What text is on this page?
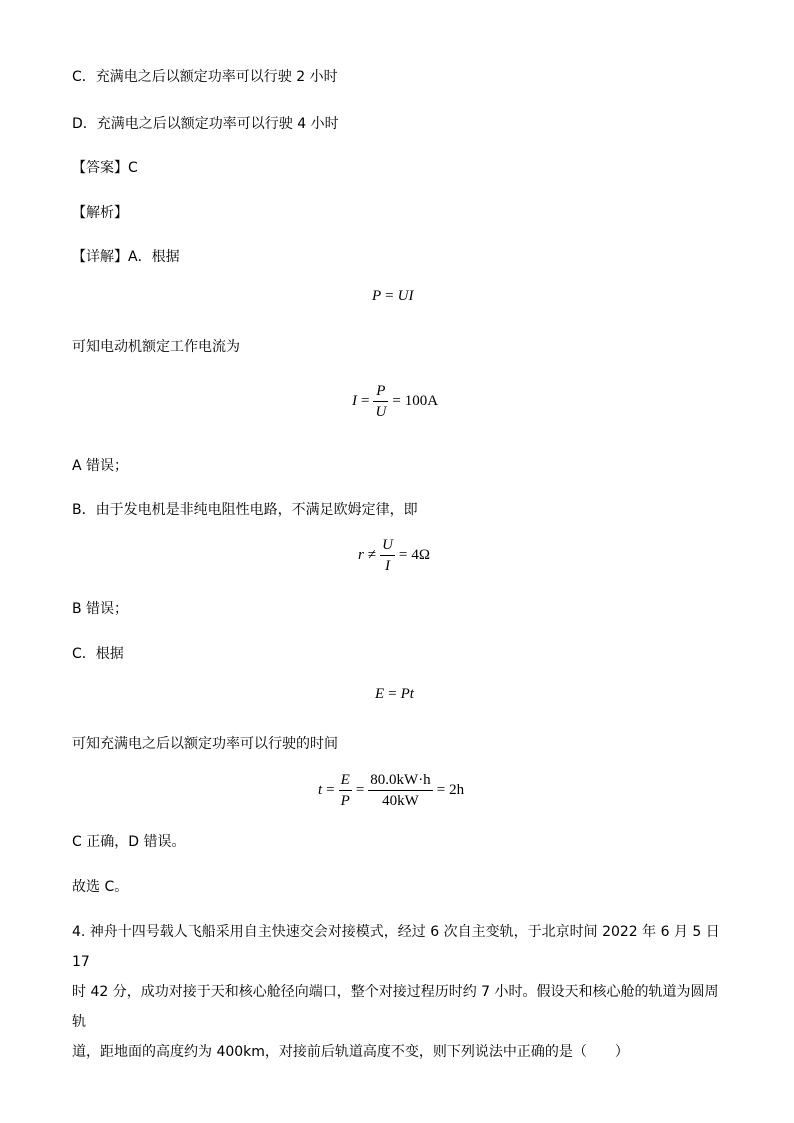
C．充满电之后以额定功率可以行驶 2 小时
D．充满电之后以额定功率可以行驶 4 小时
【答案】C
【解析】
【详解】A．根据
P = UI
可知电动机额定工作电流为
$I = \frac{P}{U} = 100A$
A 错误；
B．由于发电机是非纯电阻性电路，不满足欧姆定律，即
$r \ne \frac{U}{I} = 4\Omega$
B 错误；
C．根据
E = Pt
可知充满电之后以额定功率可以行驶的时间
$t = \frac{E}{P} = \frac{80.0kW\cdot h}{40kW} = 2h$
C 正确，D 错误。
故选 C。
4. 神舟十四号载人飞船采用自主快速交会对接模式，经过 6 次自主变轨，于北京时间 2022 年 6 月 5 日 17
时 42 分，成功对接于天和核心舱径向端口，整个对接过程历时约 7 小时。假设天和核心舱的轨道为圆周轨
道，距地面的高度约为 400km，对接前后轨道高度不变，则下列说法中正确的是（　　）
